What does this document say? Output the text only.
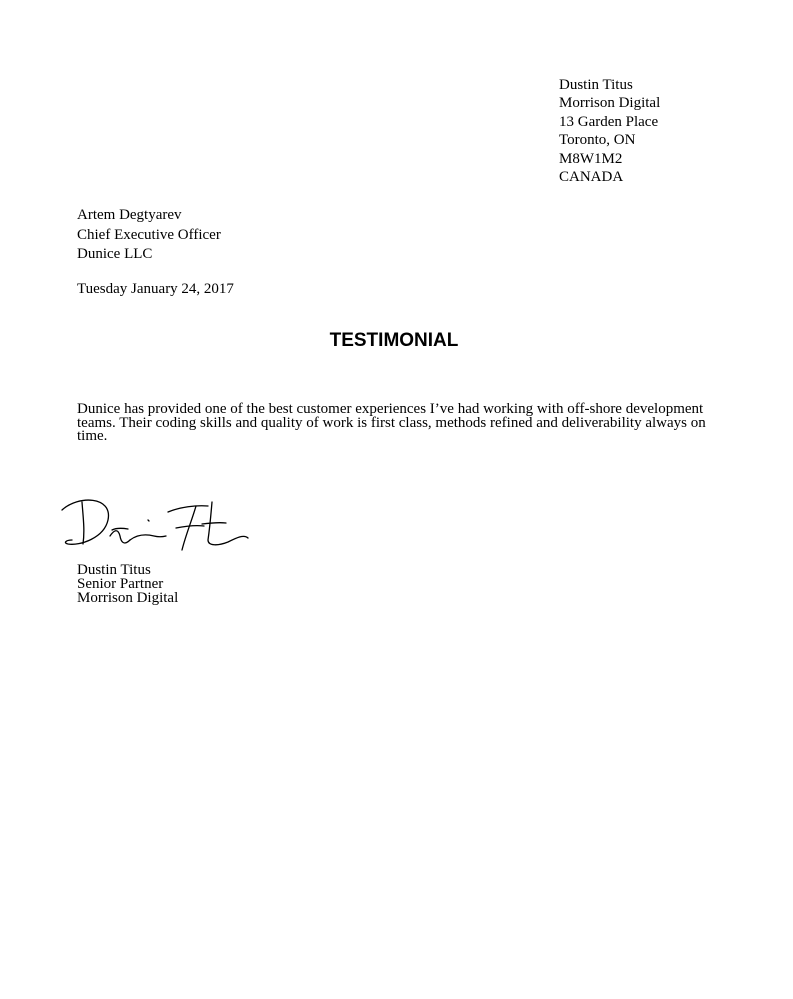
Dustin Titus
Morrison Digital
13 Garden Place
Toronto, ON
M8W1M2
CANADA
Artem Degtyarev
Chief Executive Officer
Dunice LLC
Tuesday January 24, 2017
TESTIMONIAL
Dunice has provided one of the best customer experiences I’ve had working with off-shore development teams. Their coding skills and quality of work is first class, methods refined and deliverability always on time.
Dustin Titus
Senior Partner
Morrison Digital
